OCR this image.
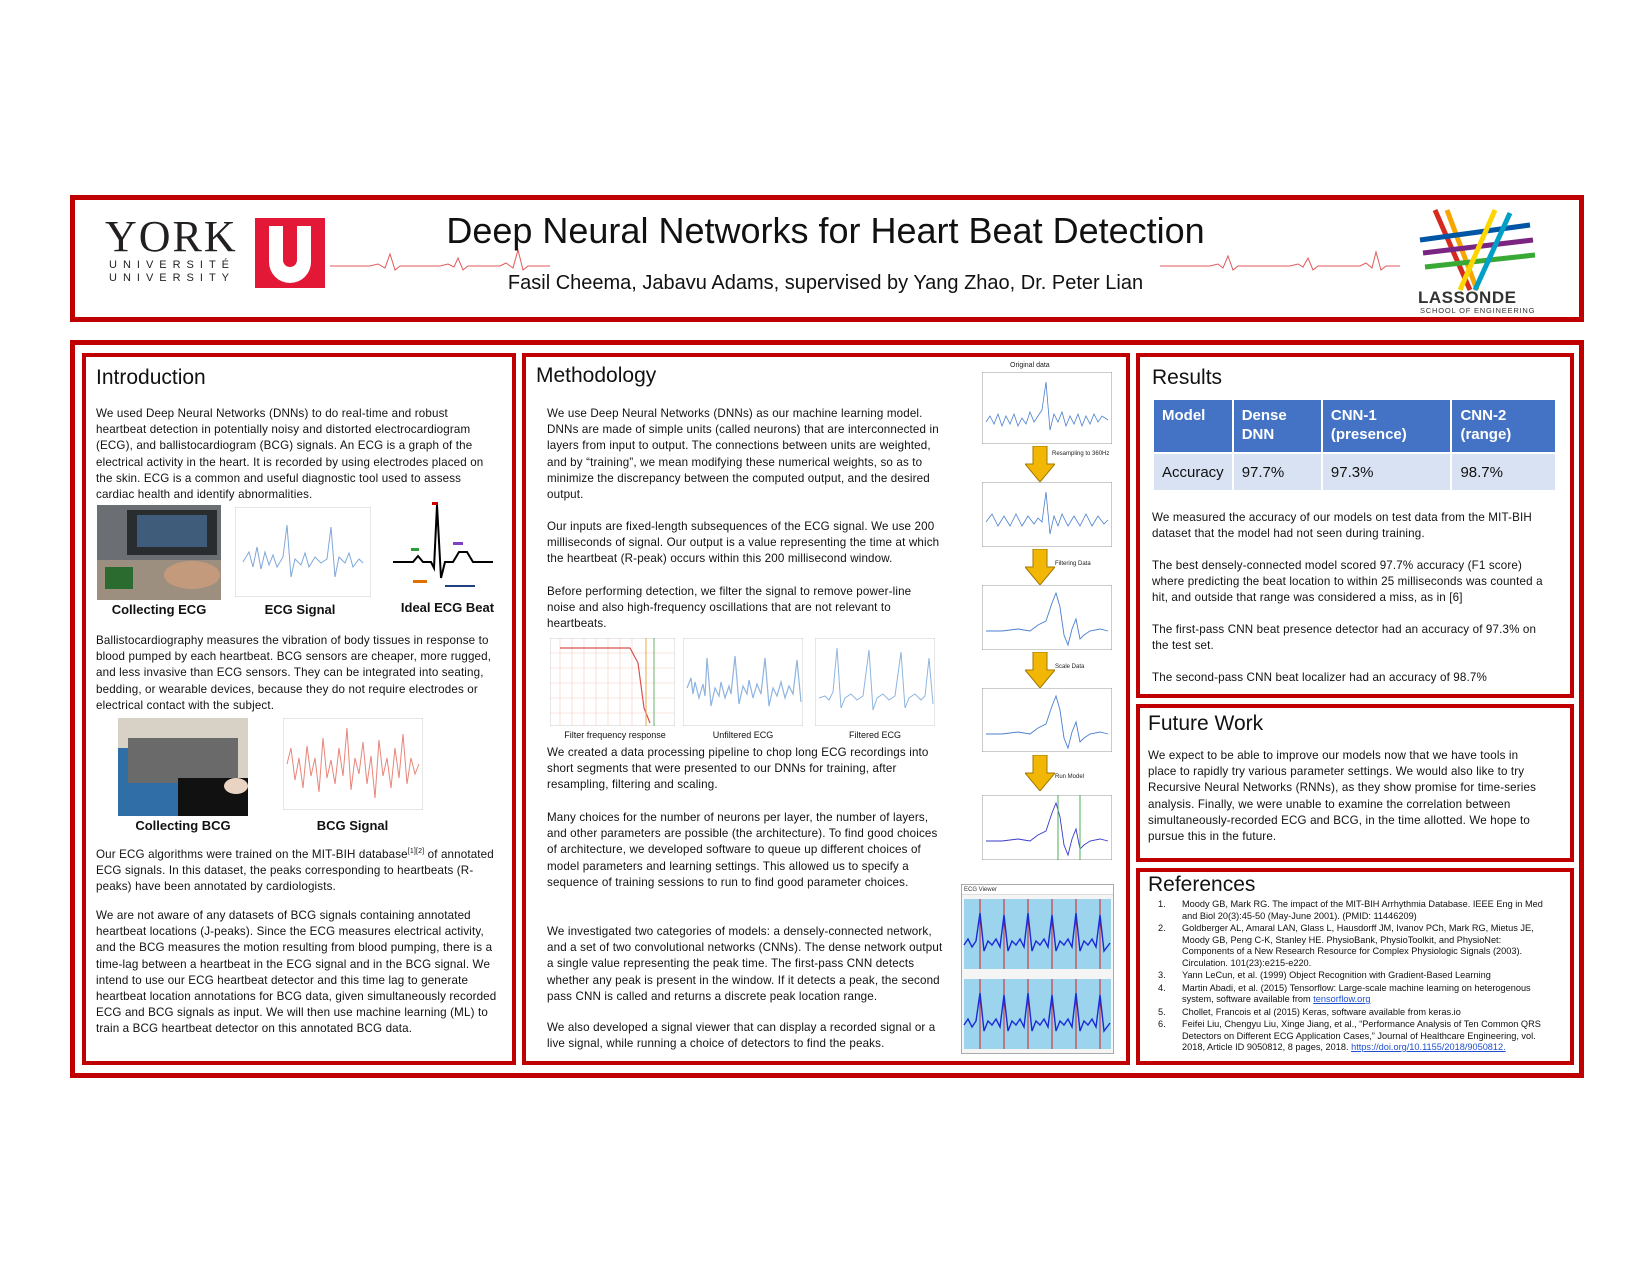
YORK
UNIVERSITÉ
UNIVERSITY
Deep Neural Networks for Heart Beat Detection
Fasil Cheema, Jabavu Adams, supervised by Yang Zhao, Dr. Peter Lian
LASSONDE
SCHOOL OF ENGINEERING
Introduction
We used Deep Neural Networks (DNNs) to do real-time and robust heartbeat detection in potentially noisy and distorted electrocardiogram (ECG), and ballistocardiogram (BCG) signals. An ECG is a graph of the electrical activity in the heart. It is recorded by using electrodes placed on the skin. ECG is a common and useful diagnostic tool used to assess cardiac health and identify abnormalities.
Collecting ECG	ECG Signal	Ideal ECG Beat
Ballistocardiography measures the vibration of body tissues in response to blood pumped by each heartbeat. BCG sensors are cheaper, more rugged, and less invasive than ECG sensors. They can be integrated into seating, bedding, or wearable devices, because they do not require electrodes or electrical contact with the subject.
Collecting BCG	BCG Signal
Our ECG algorithms were trained on the MIT-BIH database[1][2] of annotated ECG signals. In this dataset, the peaks corresponding to heartbeats (R-peaks) have been annotated by cardiologists.
We are not aware of any datasets of BCG signals containing annotated heartbeat locations (J-peaks). Since the ECG measures electrical activity, and the BCG measures the motion resulting from blood pumping, there is a time-lag between a heartbeat in the ECG signal and in the BCG signal. We intend to use our ECG heartbeat detector and this time lag to generate heartbeat location annotations for BCG data, given simultaneously recorded ECG and BCG signals as input. We will then use machine learning (ML) to train a BCG heartbeat detector on this annotated BCG data.
Methodology
We use Deep Neural Networks (DNNs) as our machine learning model. DNNs are made of simple units (called neurons) that are interconnected in layers from input to output. The connections between units are weighted, and by “training”, we mean modifying these numerical weights, so as to minimize the discrepancy between the computed output, and the desired output.
Our inputs are fixed-length subsequences of the ECG signal. We use 200 milliseconds of signal. Our output is a value representing the time at which the heartbeat (R-peak) occurs within this 200 millisecond window.
Before performing detection, we filter the signal to remove power-line noise and also high-frequency oscillations that are not relevant to heartbeats.
Filter frequency response	Unfiltered ECG	Filtered ECG
We created a data processing pipeline to chop long ECG recordings into short segments that were presented to our DNNs for training, after resampling, filtering and scaling.
Many choices for the number of neurons per layer, the number of layers, and other parameters are possible (the architecture). To find good choices of architecture, we developed software to queue up different choices of model parameters and learning settings. This allowed us to specify a sequence of training sessions to run to find good parameter choices.
We investigated two categories of models: a densely-connected network, and a set of two convolutional networks (CNNs). The dense network output a single value representing the peak time. The first-pass CNN detects whether any peak is present in the window. If it detects a peak, the second pass CNN is called and returns a discrete peak location range.
We also developed a signal viewer that can display a recorded signal or a live signal, while running a choice of detectors to find the peaks.
Original data
Resampling to 360Hz
Filtering Data
Scale Data
Run Model
ECG Viewer
Results
Model	Dense DNN	CNN-1 (presence)	CNN-2 (range)
Accuracy	97.7%	97.3%	98.7%
We measured the accuracy of our models on test data from the MIT-BIH dataset that the model had not seen during training.
The best densely-connected model scored 97.7% accuracy (F1 score) where predicting the beat location to within 25 milliseconds was counted a hit, and outside that range was considered a miss, as in [6]
The first-pass CNN beat presence detector had an accuracy of 97.3% on the test set.
The second-pass CNN beat localizer had an accuracy of 98.7%
Future Work
We expect to be able to improve our models now that we have tools in place to rapidly try various parameter settings. We would also like to try Recursive Neural Networks (RNNs), as they show promise for time-series analysis. Finally, we were unable to examine the correlation between simultaneously-recorded ECG and BCG, in the time allotted. We hope to pursue this in the future.
References
1. Moody GB, Mark RG. The impact of the MIT-BIH Arrhythmia Database. IEEE Eng in Med and Biol 20(3):45-50 (May-June 2001). (PMID: 11446209)
2. Goldberger AL, Amaral LAN, Glass L, Hausdorff JM, Ivanov PCh, Mark RG, Mietus JE, Moody GB, Peng C-K, Stanley HE. PhysioBank, PhysioToolkit, and PhysioNet: Components of a New Research Resource for Complex Physiologic Signals (2003). Circulation. 101(23):e215-e220.
3. Yann LeCun, et al. (1999) Object Recognition with Gradient-Based Learning
4. Martin Abadi, et al. (2015) Tensorflow: Large-scale machine learning on heterogenous system, software available from tensorflow.org
5. Chollet, Francois et al (2015) Keras, software available from keras.io
6. Feifei Liu, Chengyu Liu, Xinge Jiang, et al., “Performance Analysis of Ten Common QRS Detectors on Different ECG Application Cases,” Journal of Healthcare Engineering, vol. 2018, Article ID 9050812, 8 pages, 2018. https://doi.org/10.1155/2018/9050812.
